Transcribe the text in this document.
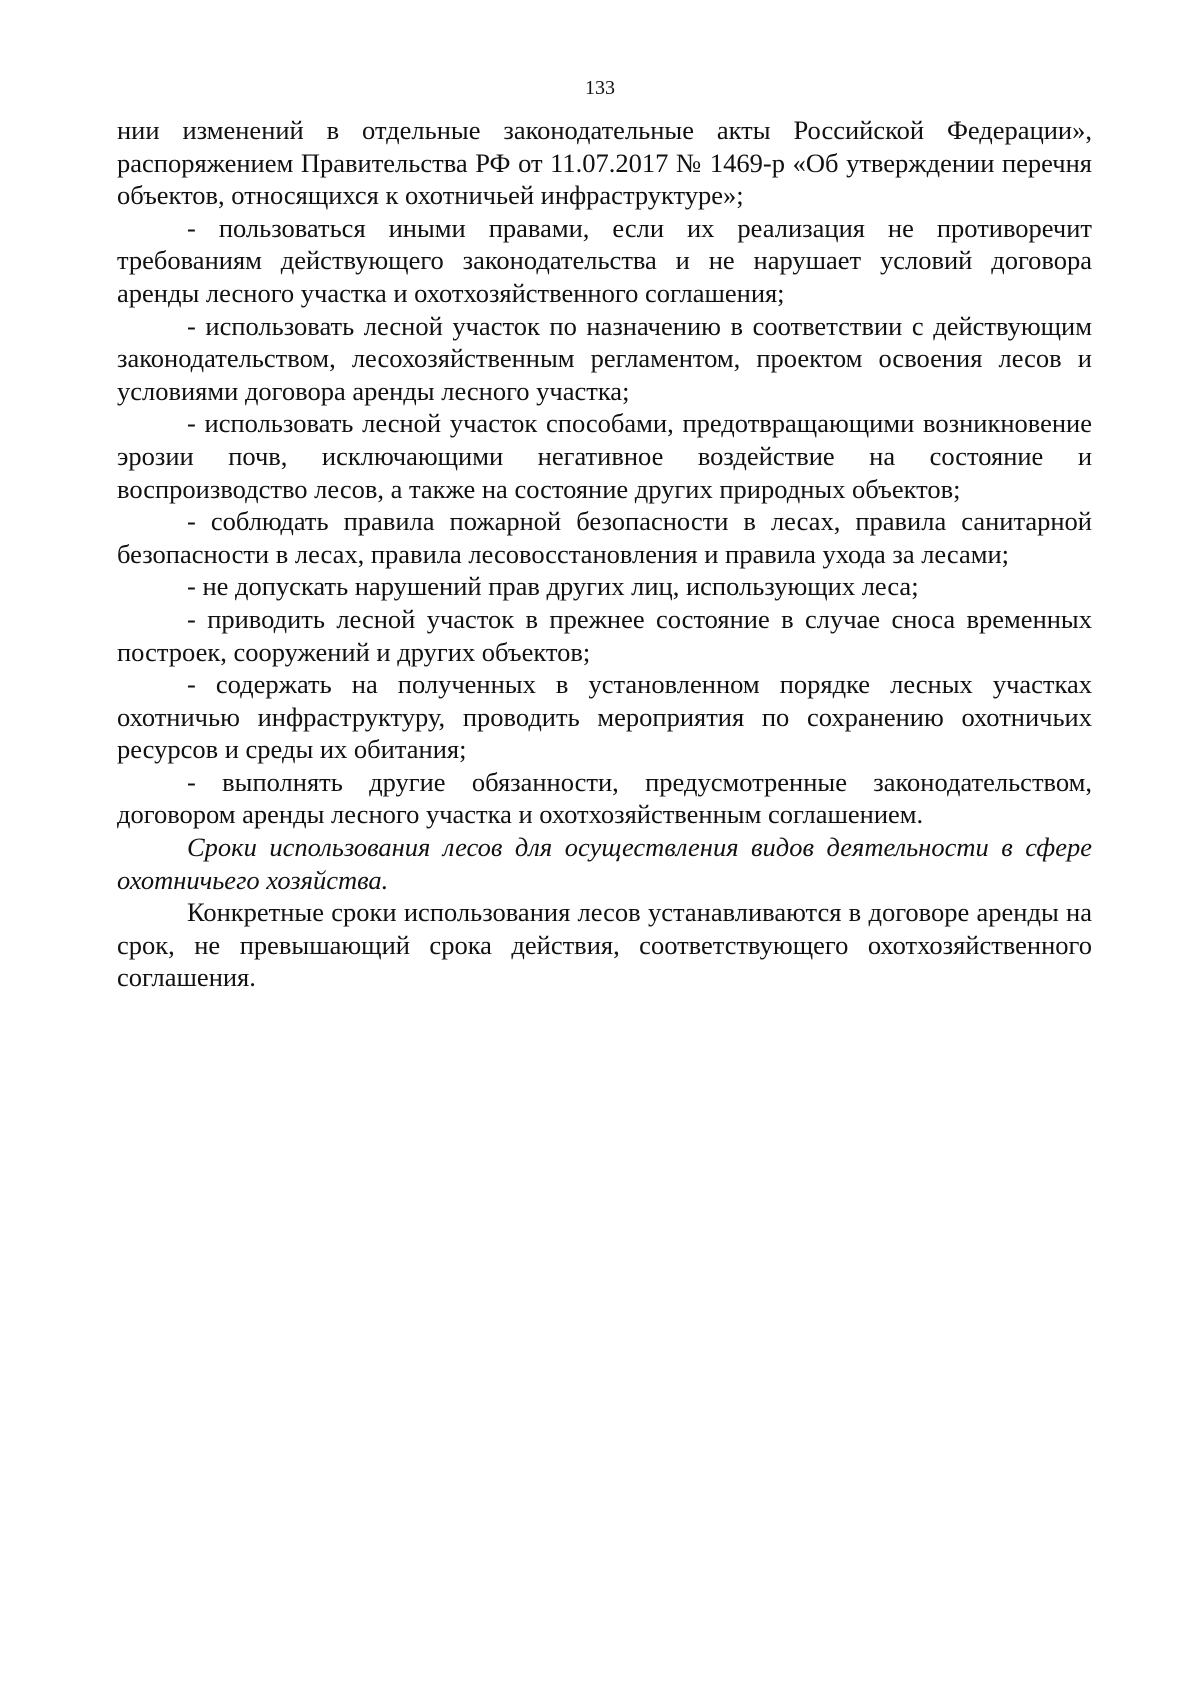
133

нии изменений в отдельные законодательные акты Российской Федерации», распоряжением Правительства РФ от 11.07.2017 № 1469-р «Об утверждении перечня объектов, относящихся к охотничьей инфраструктуре»;

- пользоваться иными правами, если их реализация не противоречит требованиям действующего законодательства и не нарушает условий договора аренды лесного участка и охотхозяйственного соглашения;

- использовать лесной участок по назначению в соответствии с действующим законодательством, лесохозяйственным регламентом, проектом освоения лесов и условиями договора аренды лесного участка;

- использовать лесной участок способами, предотвращающими возникновение эрозии почв, исключающими негативное воздействие на состояние и воспроизводство лесов, а также на состояние других природных объектов;

- соблюдать правила пожарной безопасности в лесах, правила санитарной безопасности в лесах, правила лесовосстановления и правила ухода за лесами;

- не допускать нарушений прав других лиц, использующих леса;

- приводить лесной участок в прежнее состояние в случае сноса временных построек, сооружений и других объектов;

- содержать на полученных в установленном порядке лесных участках охотничью инфраструктуру, проводить мероприятия по сохранению охотничьих ресурсов и среды их обитания;

- выполнять другие обязанности, предусмотренные законодательством, договором аренды лесного участка и охотхозяйственным соглашением.

Сроки использования лесов для осуществления видов деятельности в сфере охотничьего хозяйства.

Конкретные сроки использования лесов устанавливаются в договоре аренды на срок, не превышающий срока действия, соответствующего охотхозяйственного соглашения.
